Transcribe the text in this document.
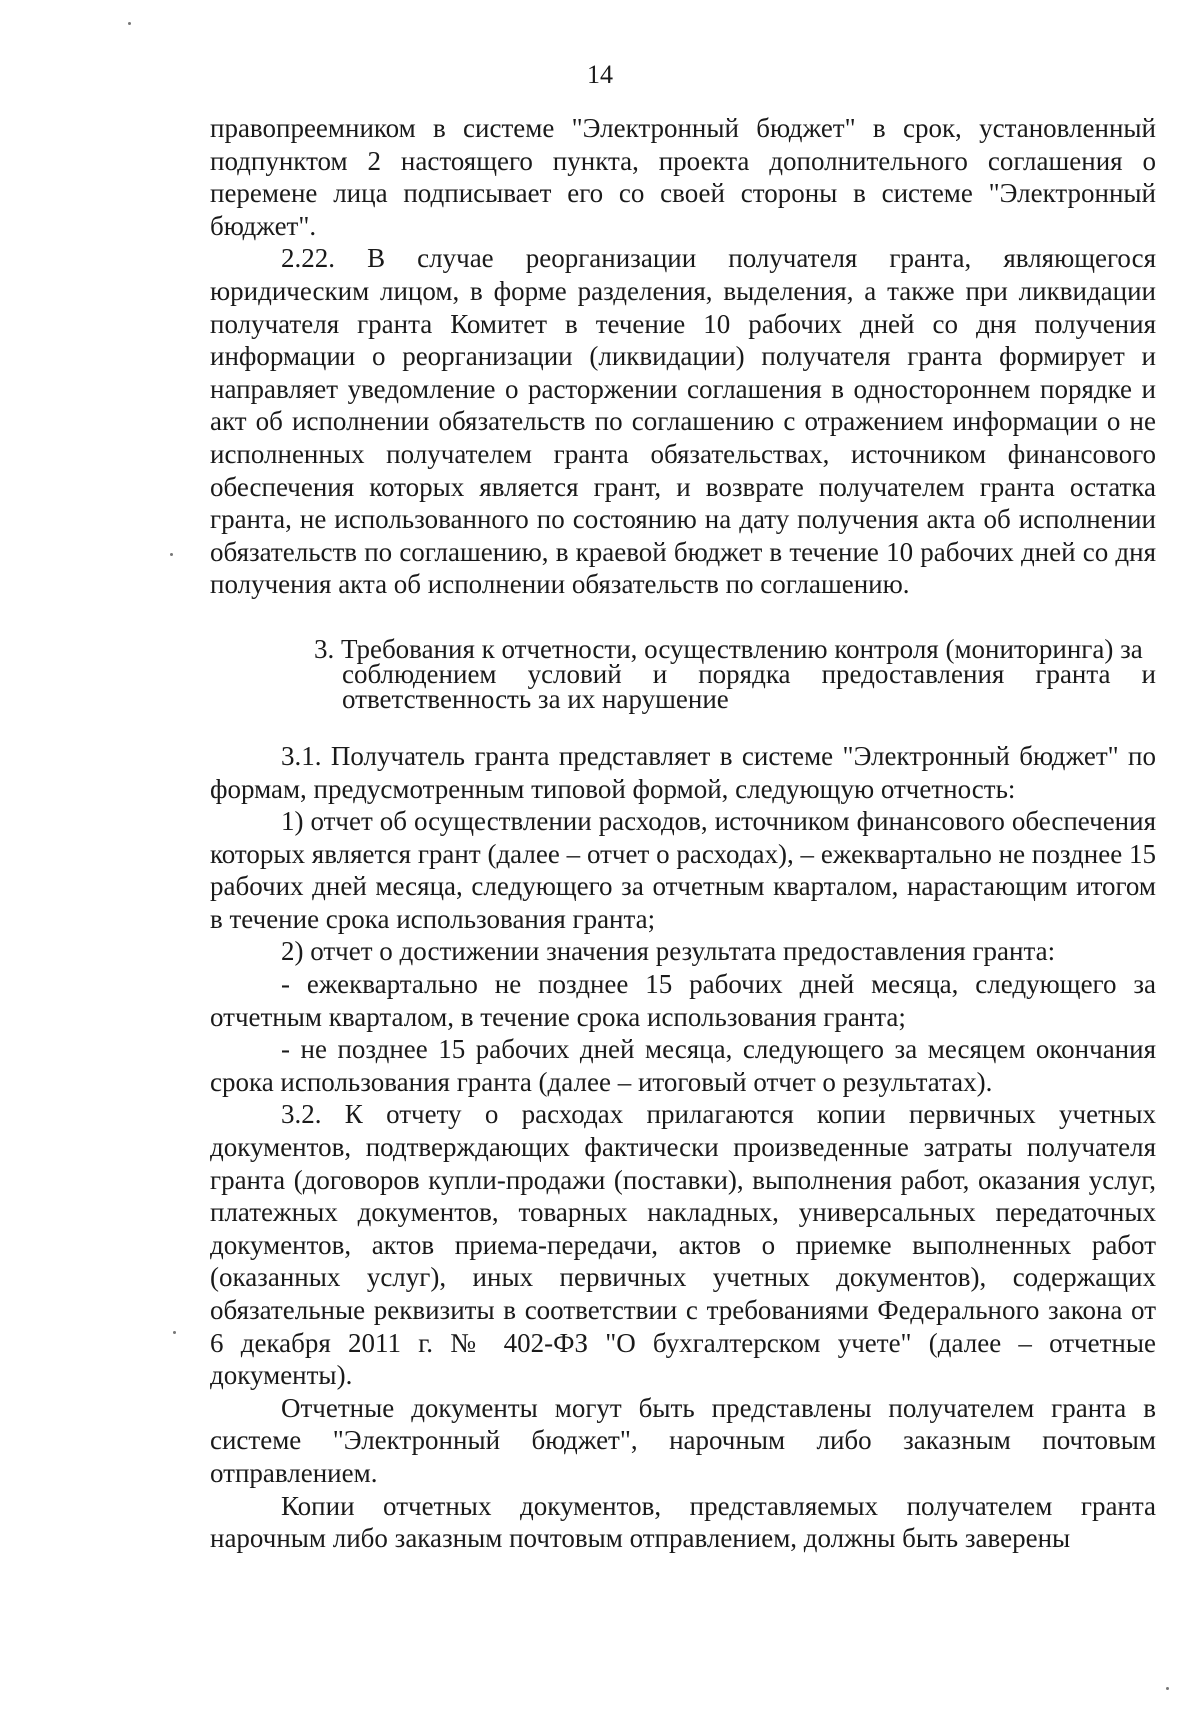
14

правопреемником в системе "Электронный бюджет" в срок, установленный подпунктом 2 настоящего пункта, проекта дополнительного соглашения о перемене лица подписывает его со своей стороны в системе "Электронный бюджет".

2.22. В случае реорганизации получателя гранта, являющегося юридическим лицом, в форме разделения, выделения, а также при ликвидации получателя гранта Комитет в течение 10 рабочих дней со дня получения информации о реорганизации (ликвидации) получателя гранта формирует и направляет уведомление о расторжении соглашения в одностороннем порядке и акт об исполнении обязательств по соглашению с отражением информации о не исполненных получателем гранта обязательствах, источником финансового обеспечения которых является грант, и возврате получателем гранта остатка гранта, не использованного по состоянию на дату получения акта об исполнении обязательств по соглашению, в краевой бюджет в течение 10 рабочих дней со дня получения акта об исполнении обязательств по соглашению.

3. Требования к отчетности, осуществлению контроля (мониторинга) за
соблюдением условий и порядка предоставления гранта и
ответственность за их нарушение

3.1. Получатель гранта представляет в системе "Электронный бюджет" по формам, предусмотренным типовой формой, следующую отчетность:

1) отчет об осуществлении расходов, источником финансового обеспечения которых является грант (далее – отчет о расходах), – ежеквартально не позднее 15 рабочих дней месяца, следующего за отчетным кварталом, нарастающим итогом в течение срока использования гранта;

2) отчет о достижении значения результата предоставления гранта:

- ежеквартально не позднее 15 рабочих дней месяца, следующего за отчетным кварталом, в течение срока использования гранта;

- не позднее 15 рабочих дней месяца, следующего за месяцем окончания срока использования гранта (далее – итоговый отчет о результатах).

3.2. К отчету о расходах прилагаются копии первичных учетных документов, подтверждающих фактически произведенные затраты получателя гранта (договоров купли-продажи (поставки), выполнения работ, оказания услуг, платежных документов, товарных накладных, универсальных передаточных документов, актов приема-передачи, актов о приемке выполненных работ (оказанных услуг), иных первичных учетных документов), содержащих обязательные реквизиты в соответствии с требованиями Федерального закона от 6 декабря 2011 г. № 402-ФЗ "О бухгалтерском учете" (далее – отчетные документы).

Отчетные документы могут быть представлены получателем гранта в системе "Электронный бюджет", нарочным либо заказным почтовым отправлением.

Копии отчетных документов, представляемых получателем гранта нарочным либо заказным почтовым отправлением, должны быть заверены
